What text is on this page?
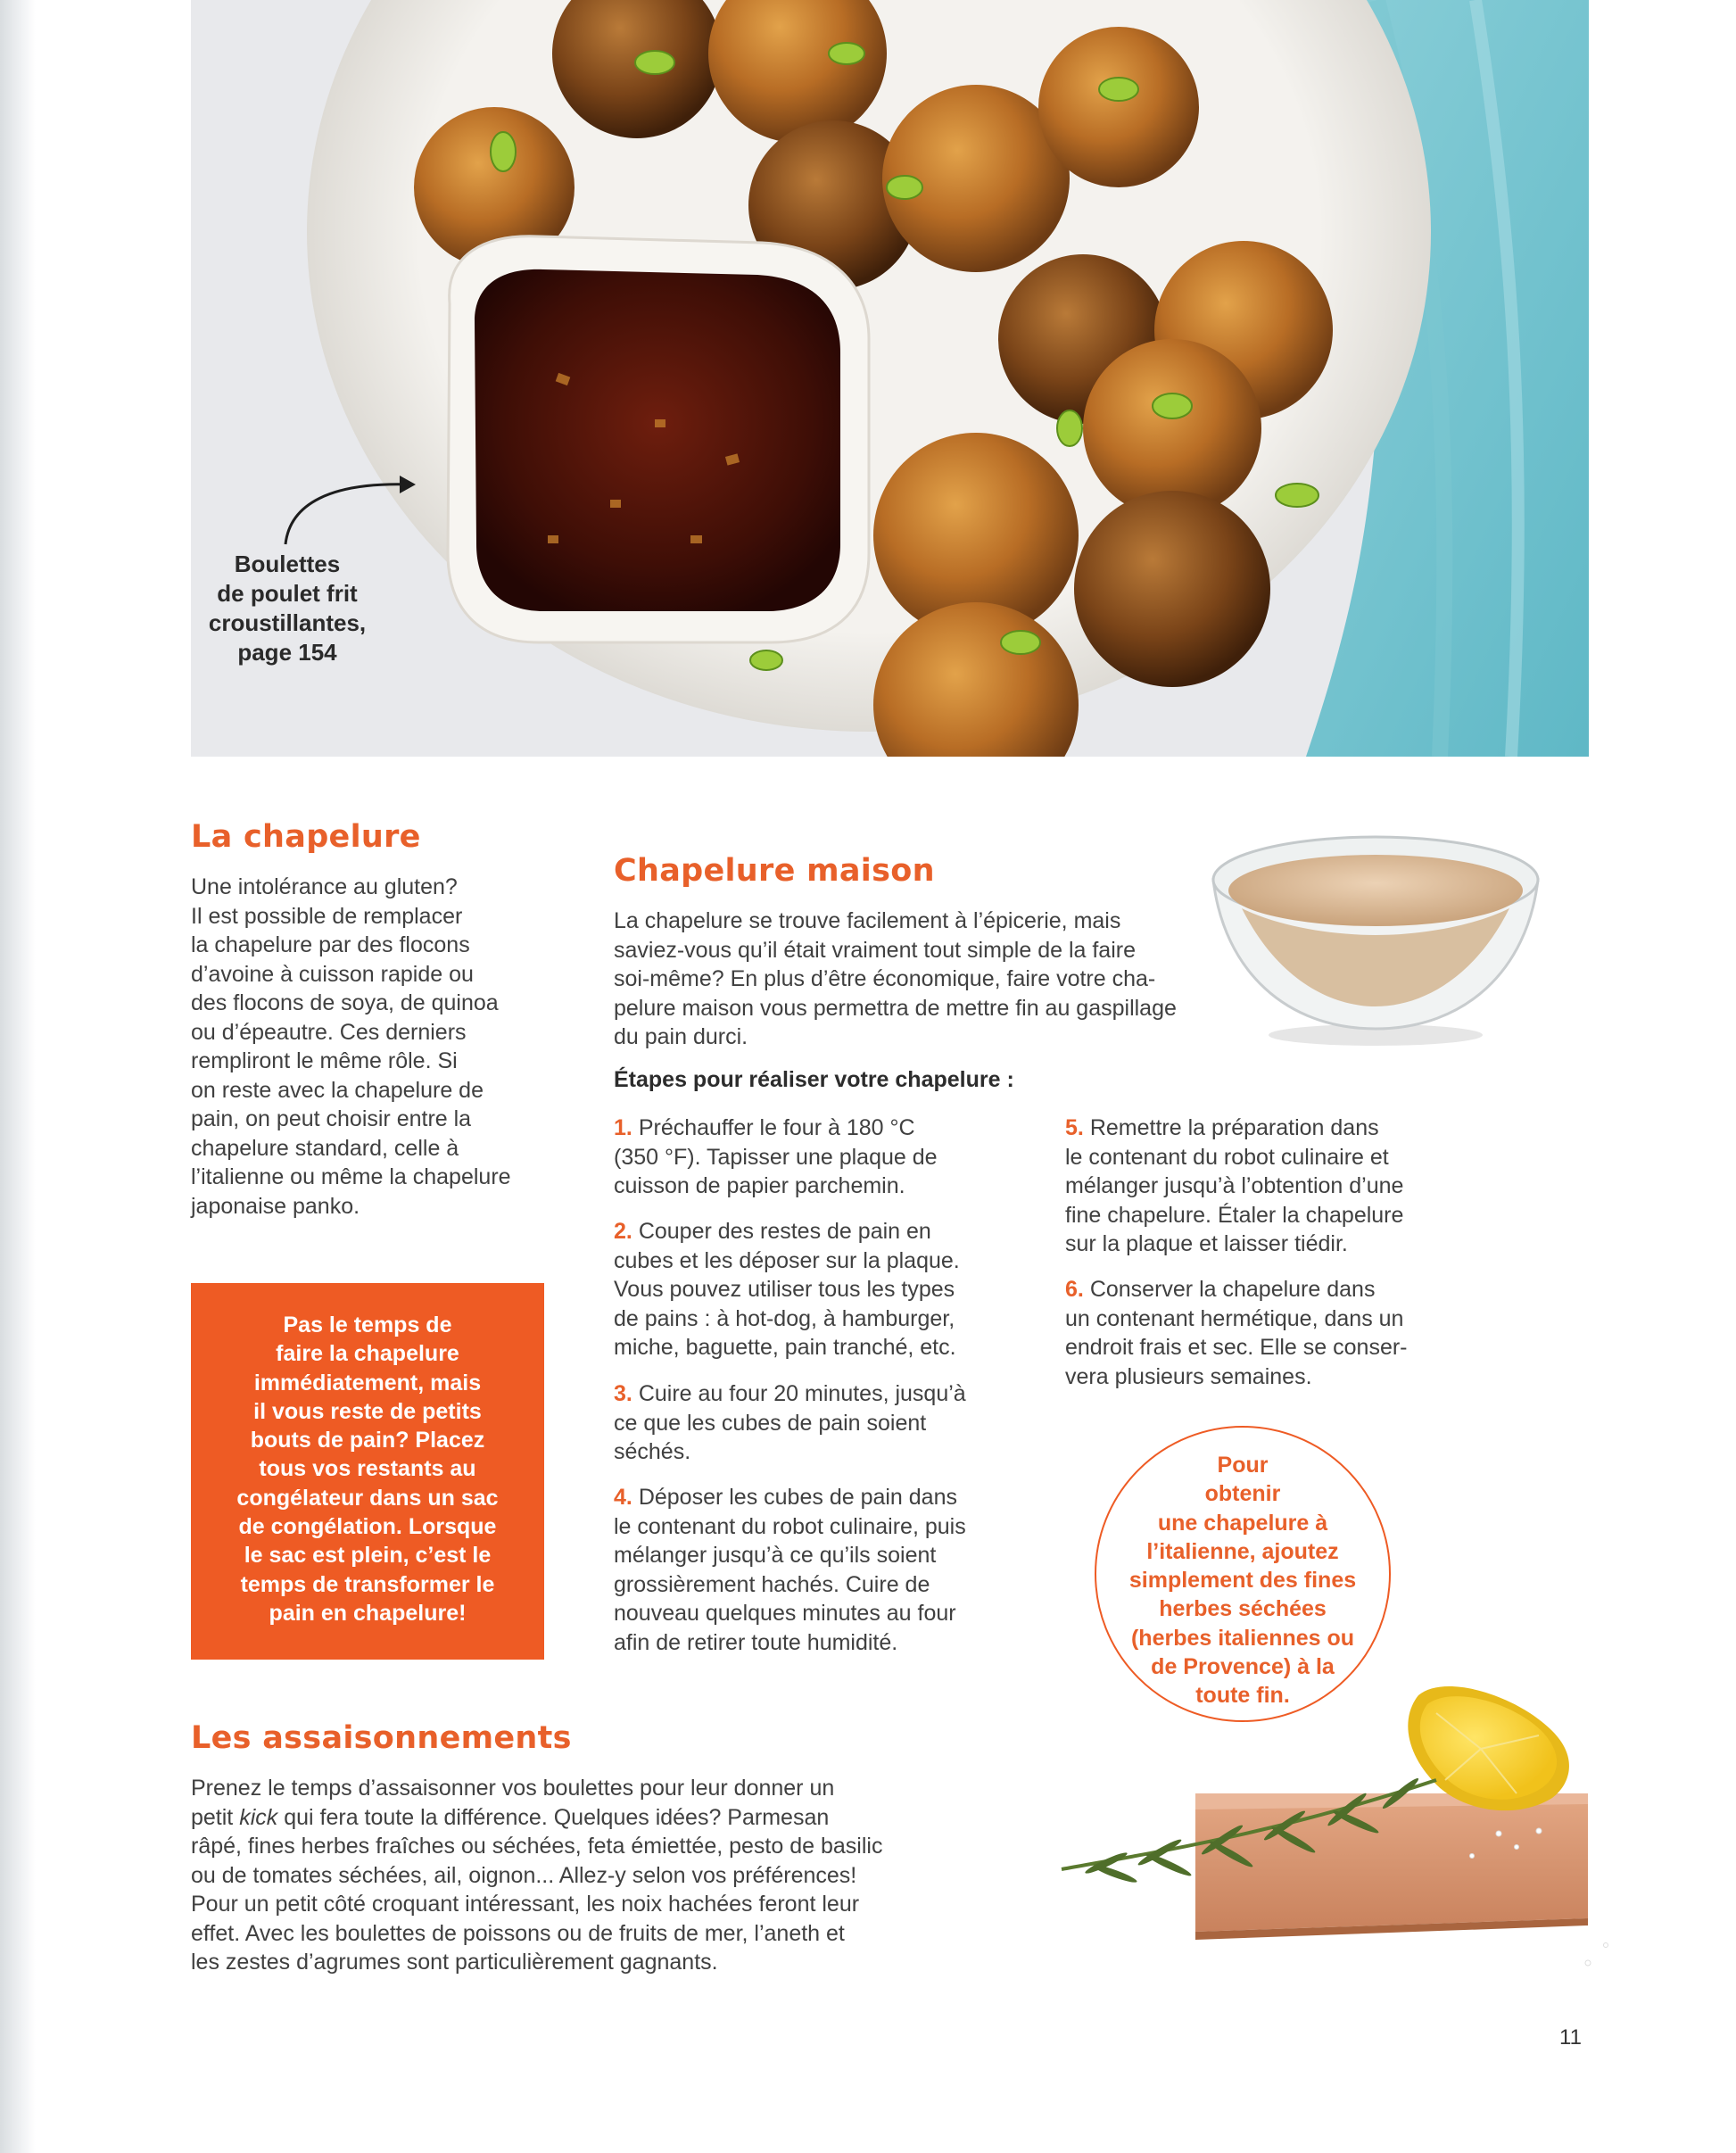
Boulettes
de poulet frit
croustillantes,
page 154
La chapelure
Une intolérance au gluten?
Il est possible de remplacer
la chapelure par des flocons
d’avoine à cuisson rapide ou
des flocons de soya, de quinoa
ou d’épeautre. Ces derniers
rempliront le même rôle. Si
on reste avec la chapelure de
pain, on peut choisir entre la
chapelure standard, celle à
l’italienne ou même la chapelure
japonaise panko.
Pas le temps de
faire la chapelure
immédiatement, mais
il vous reste de petits
bouts de pain? Placez
tous vos restants au
congélateur dans un sac
de congélation. Lorsque
le sac est plein, c’est le
temps de transformer le
pain en chapelure!
Chapelure maison
La chapelure se trouve facilement à l’épicerie, mais
saviez-vous qu’il était vraiment tout simple de la faire
soi-même? En plus d’être économique, faire votre cha-
pelure maison vous permettra de mettre fin au gaspillage
du pain durci.
Étapes pour réaliser votre chapelure :
1. Préchauffer le four à 180 °C
(350 °F). Tapisser une plaque de
cuisson de papier parchemin.
2. Couper des restes de pain en
cubes et les déposer sur la plaque.
Vous pouvez utiliser tous les types
de pains : à hot-dog, à hamburger,
miche, baguette, pain tranché, etc.
3. Cuire au four 20 minutes, jusqu’à
ce que les cubes de pain soient
séchés.
4. Déposer les cubes de pain dans
le contenant du robot culinaire, puis
mélanger jusqu’à ce qu’ils soient
grossièrement hachés. Cuire de
nouveau quelques minutes au four
afin de retirer toute humidité.
5. Remettre la préparation dans
le contenant du robot culinaire et
mélanger jusqu’à l’obtention d’une
fine chapelure. Étaler la chapelure
sur la plaque et laisser tiédir.
6. Conserver la chapelure dans
un contenant hermétique, dans un
endroit frais et sec. Elle se conser-
vera plusieurs semaines.
Pour
obtenir
une chapelure à
l’italienne, ajoutez
simplement des fines
herbes séchées
(herbes italiennes ou
de Provence) à la
toute fin.
Les assaisonnements
Prenez le temps d’assaisonner vos boulettes pour leur donner un
petit kick qui fera toute la différence. Quelques idées? Parmesan
râpé, fines herbes fraîches ou séchées, feta émiettée, pesto de basilic
ou de tomates séchées, ail, oignon... Allez-y selon vos préférences!
Pour un petit côté croquant intéressant, les noix hachées feront leur
effet. Avec les boulettes de poissons ou de fruits de mer, l’aneth et
les zestes d’agrumes sont particulièrement gagnants.
11
